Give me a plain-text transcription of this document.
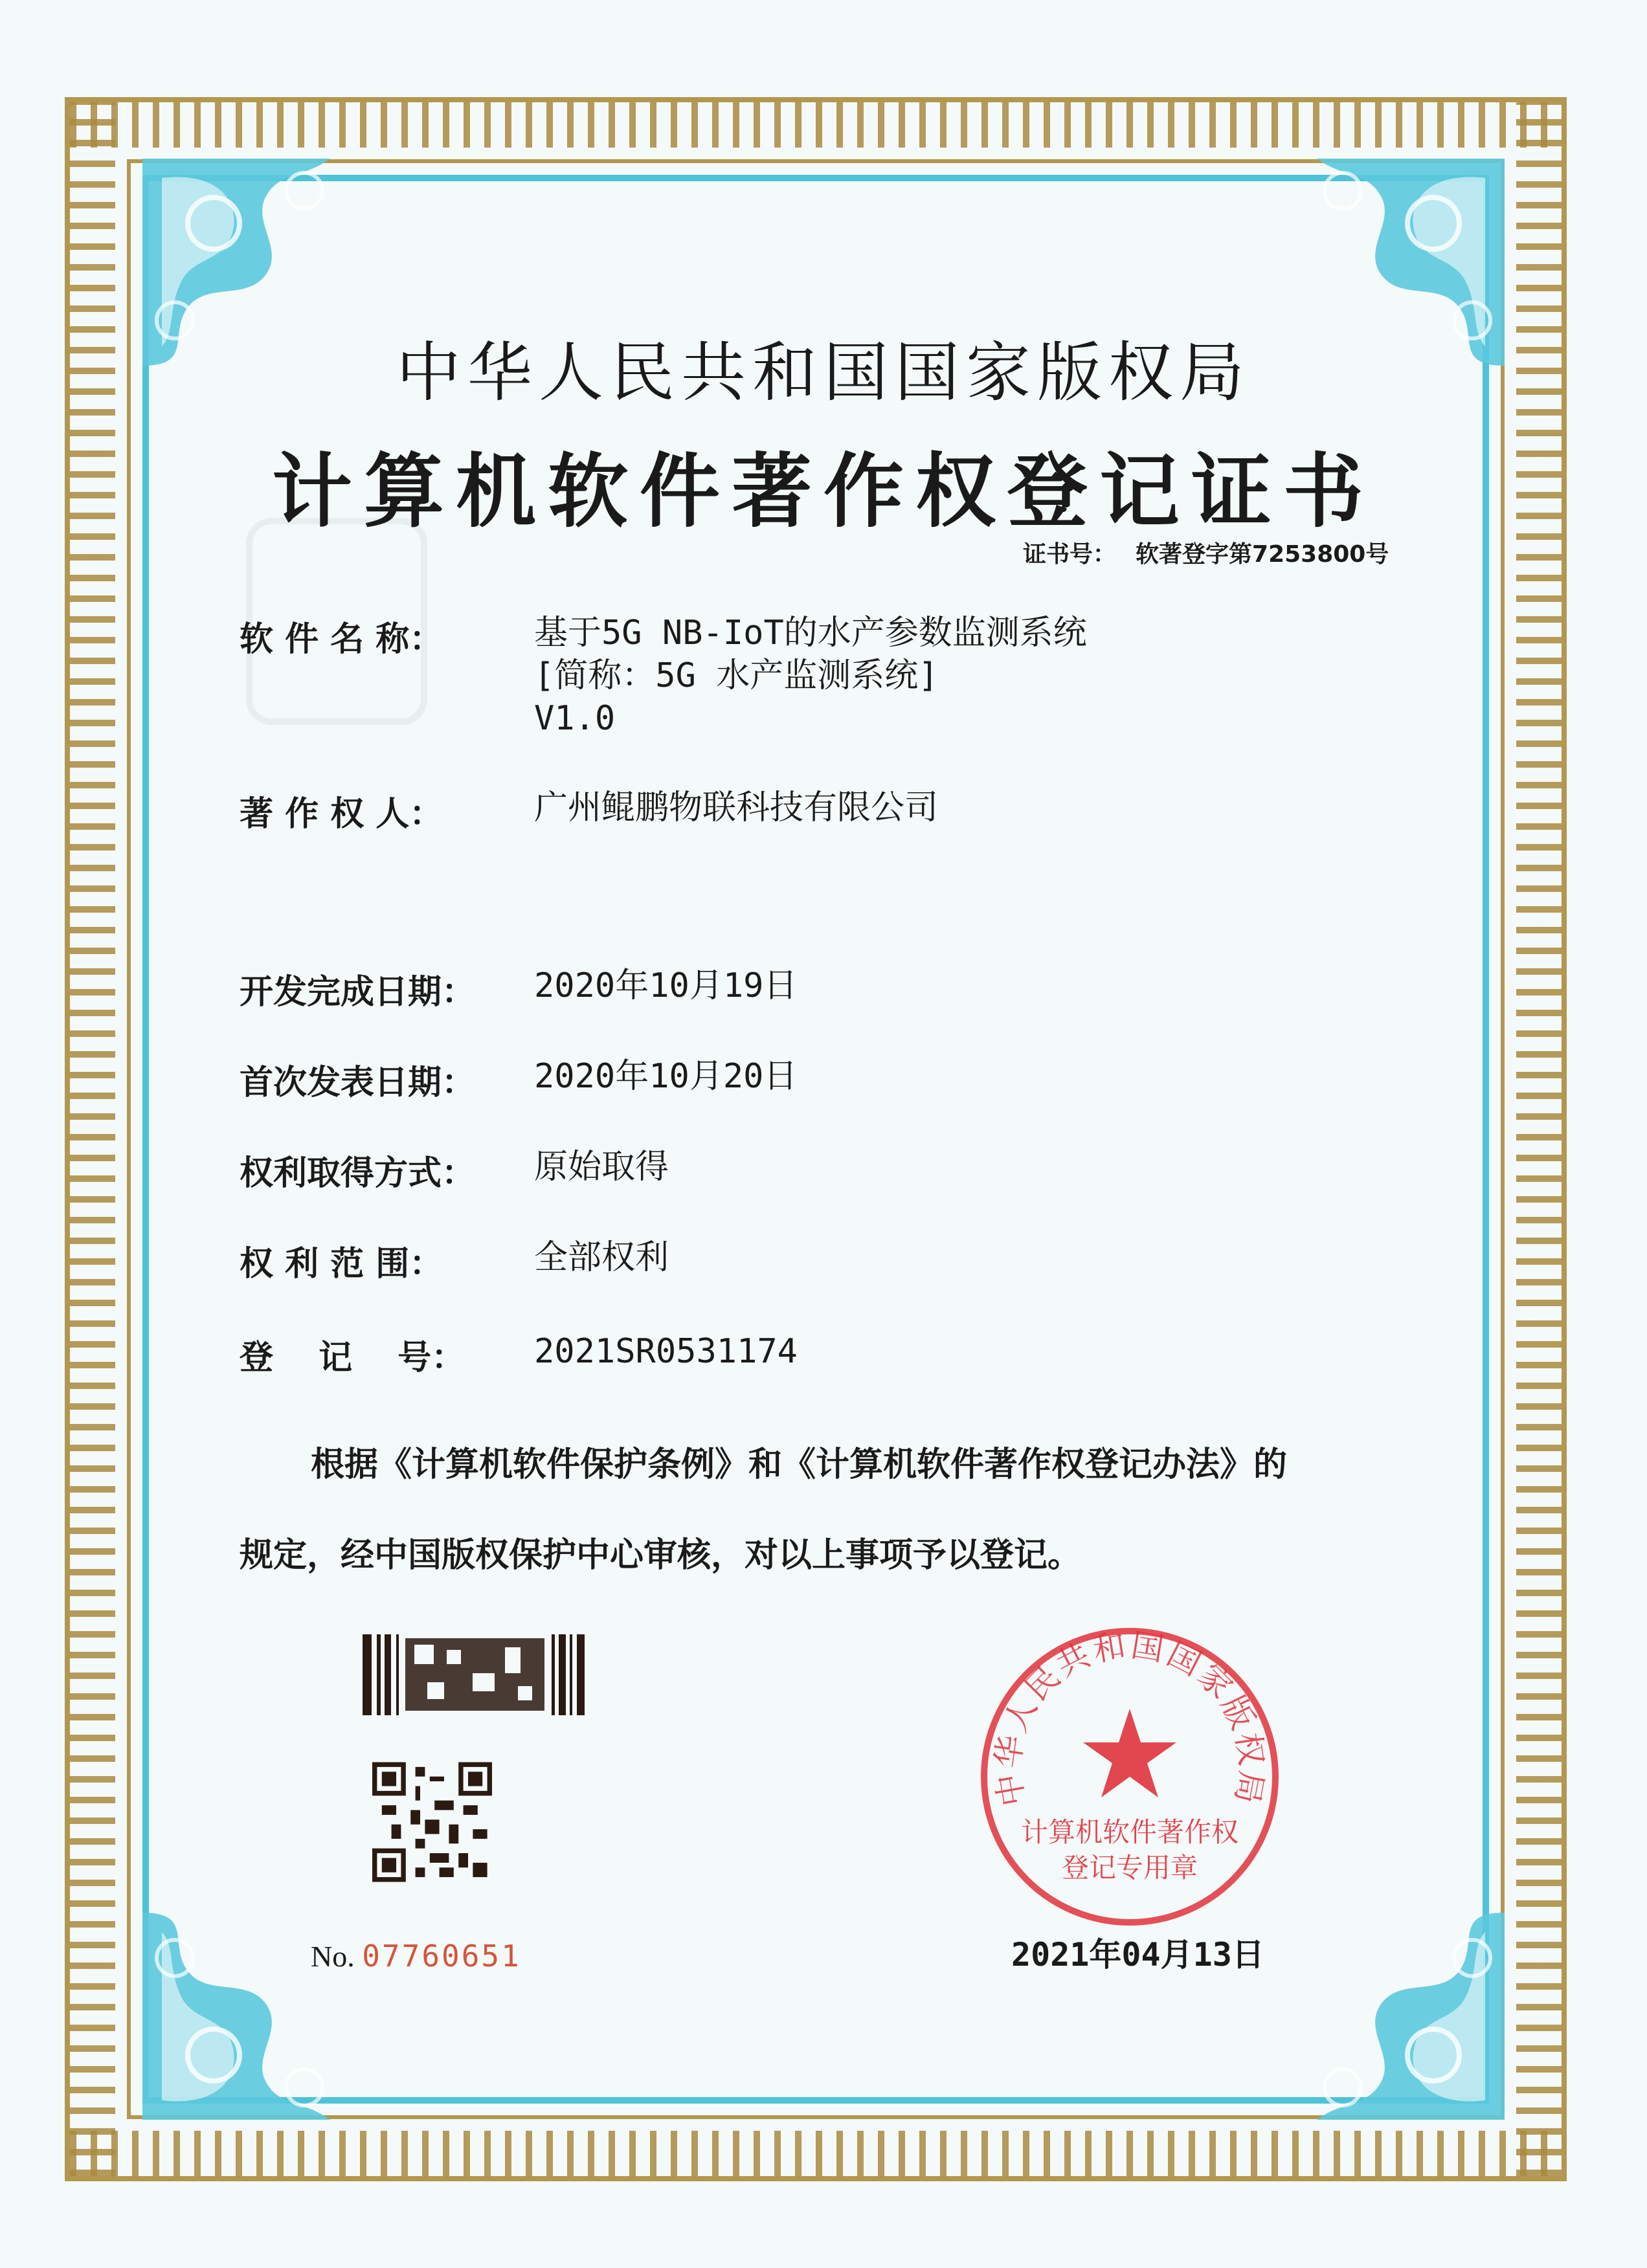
中华人民共和国国家版权局
计算机软件著作权登记证书
证书号： 软著登字第7253800号
软 件 名 称：	基于5G NB-IoT的水产参数监测系统
[简称：5G 水产监测系统]
V1.0
著 作 权 人：	广州鲲鹏物联科技有限公司
开发完成日期： 2020年10月19日
首次发表日期： 2020年10月20日
权利取得方式： 原始取得
权 利 范 围：	全部权利
登　 记　 号： 2021SR0531174
根据《计算机软件保护条例》和《计算机软件著作权登记办法》的
规定，经中国版权保护中心审核，对以上事项予以登记。
No. 07760651
中华人民共和国国家版权局
计算机软件著作权
登记专用章
2021年04月13日
